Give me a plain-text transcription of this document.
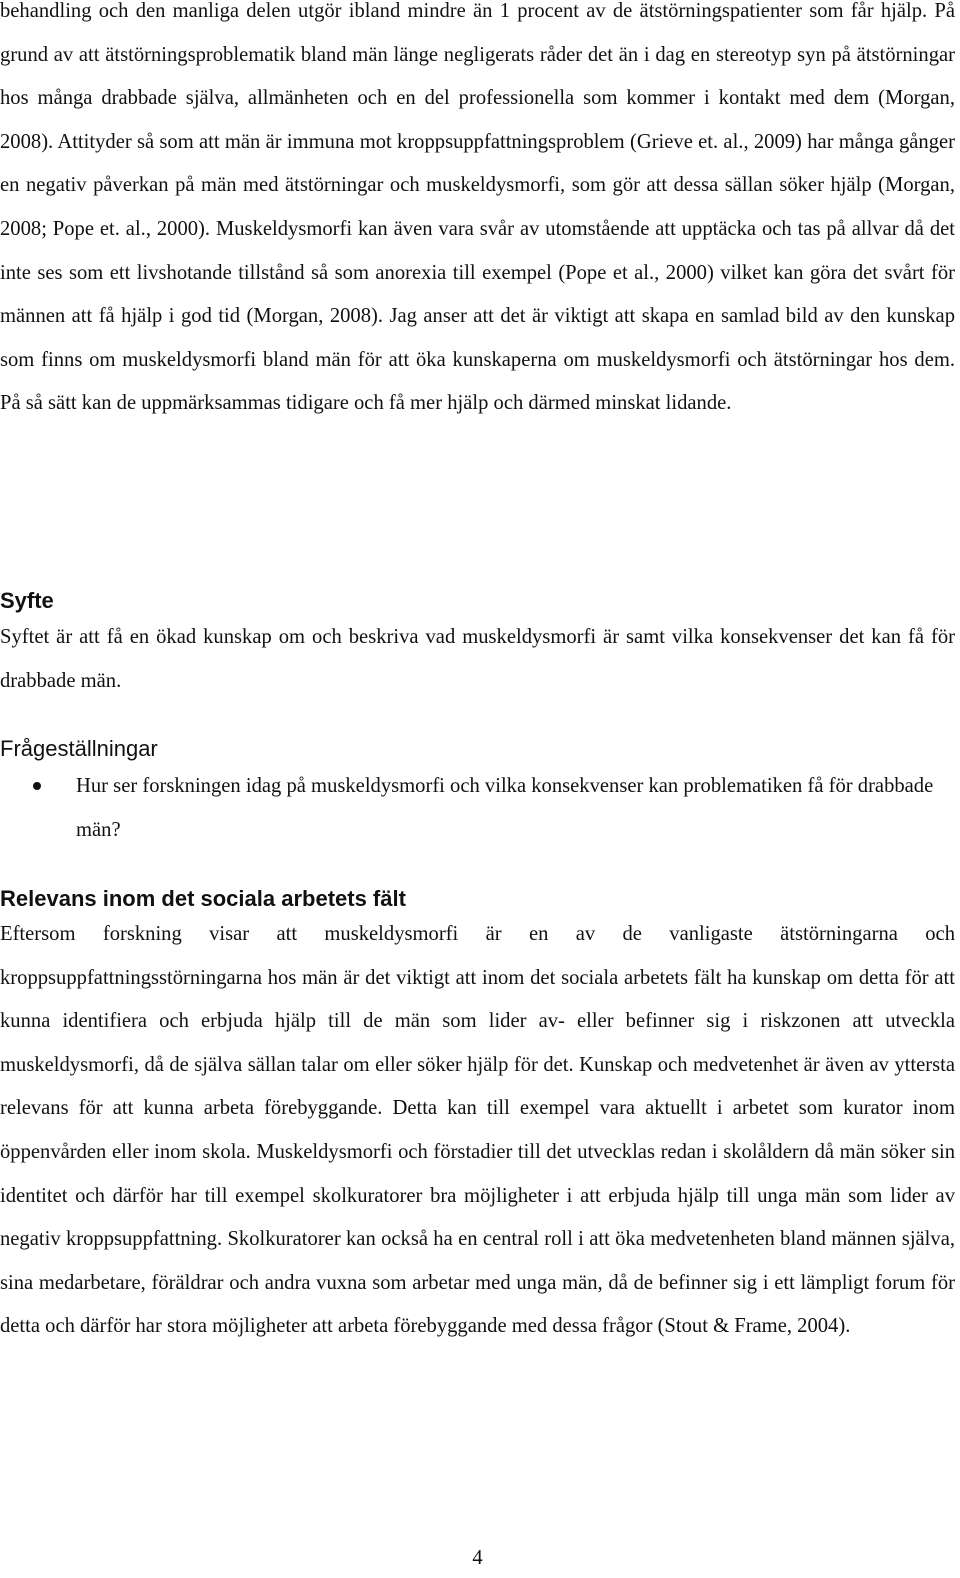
behandling och den manliga delen utgör ibland mindre än 1 procent av de ätstörningspatienter som får hjälp. På grund av att ätstörningsproblematik bland män länge negligerats råder det än i dag en stereotyp syn på ätstörningar hos många drabbade själva, allmänheten och en del professionella som kommer i kontakt med dem (Morgan, 2008). Attityder så som att män är immuna mot kroppsuppfattningsproblem (Grieve et. al., 2009) har många gånger en negativ påverkan på män med ätstörningar och muskeldysmorfi, som gör att dessa sällan söker hjälp (Morgan, 2008; Pope et. al., 2000). Muskeldysmorfi kan även vara svår av utomstående att upptäcka och tas på allvar då det inte ses som ett livshotande tillstånd så som anorexia till exempel (Pope et al., 2000) vilket kan göra det svårt för männen att få hjälp i god tid (Morgan, 2008). Jag anser att det är viktigt att skapa en samlad bild av den kunskap som finns om muskeldysmorfi bland män för att öka kunskaperna om muskeldysmorfi och ätstörningar hos dem. På så sätt kan de uppmärksammas tidigare och få mer hjälp och därmed minskat lidande.

Syfte

Syftet är att få en ökad kunskap om och beskriva vad muskeldysmorfi är samt vilka konsekvenser det kan få för drabbade män.

Frågeställningar
Hur ser forskningen idag på muskeldysmorfi och vilka konsekvenser kan problematiken få för drabbade män?
Relevans inom det sociala arbetets fält

Eftersom forskning visar att muskeldysmorfi är en av de vanligaste ätstörningarna och kroppsuppfattningsstörningarna hos män är det viktigt att inom det sociala arbetets fält ha kunskap om detta för att kunna identifiera och erbjuda hjälp till de män som lider av- eller befinner sig i riskzonen att utveckla muskeldysmorfi, då de själva sällan talar om eller söker hjälp för det. Kunskap och medvetenhet är även av yttersta relevans för att kunna arbeta förebyggande. Detta kan till exempel vara aktuellt i arbetet som kurator inom öppenvården eller inom skola. Muskeldysmorfi och förstadier till det utvecklas redan i skolåldern då män söker sin identitet och därför har till exempel skolkuratorer bra möjligheter i att erbjuda hjälp till unga män som lider av negativ kroppsuppfattning. Skolkuratorer kan också ha en central roll i att öka medvetenheten bland männen själva, sina medarbetare, föräldrar och andra vuxna som arbetar med unga män, då de befinner sig i ett lämpligt forum för detta och därför har stora möjligheter att arbeta förebyggande med dessa frågor (Stout & Frame, 2004).

4
